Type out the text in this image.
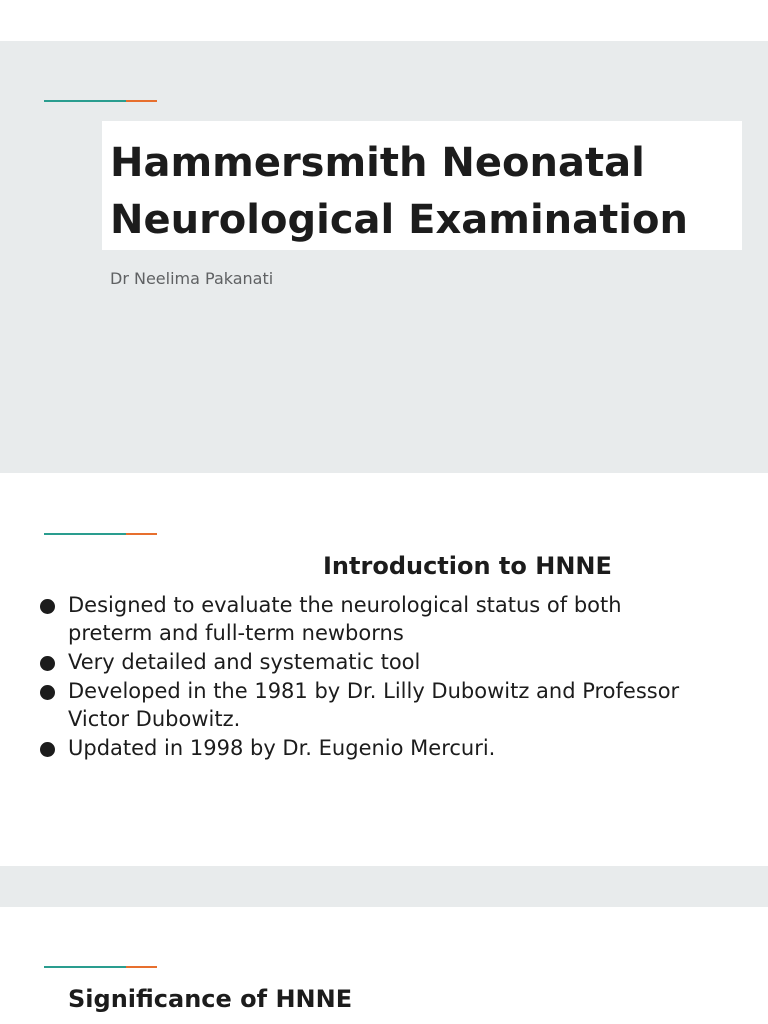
Hammersmith Neonatal
Neurological Examination

Dr Neelima Pakanati

Introduction to HNNE
Designed to evaluate the neurological status of both preterm and full-term newborns
Very detailed and systematic tool
Developed in the 1981 by Dr. Lilly Dubowitz and Professor Victor Dubowitz.
Updated in 1998 by Dr. Eugenio Mercuri.
Significance of HNNE
